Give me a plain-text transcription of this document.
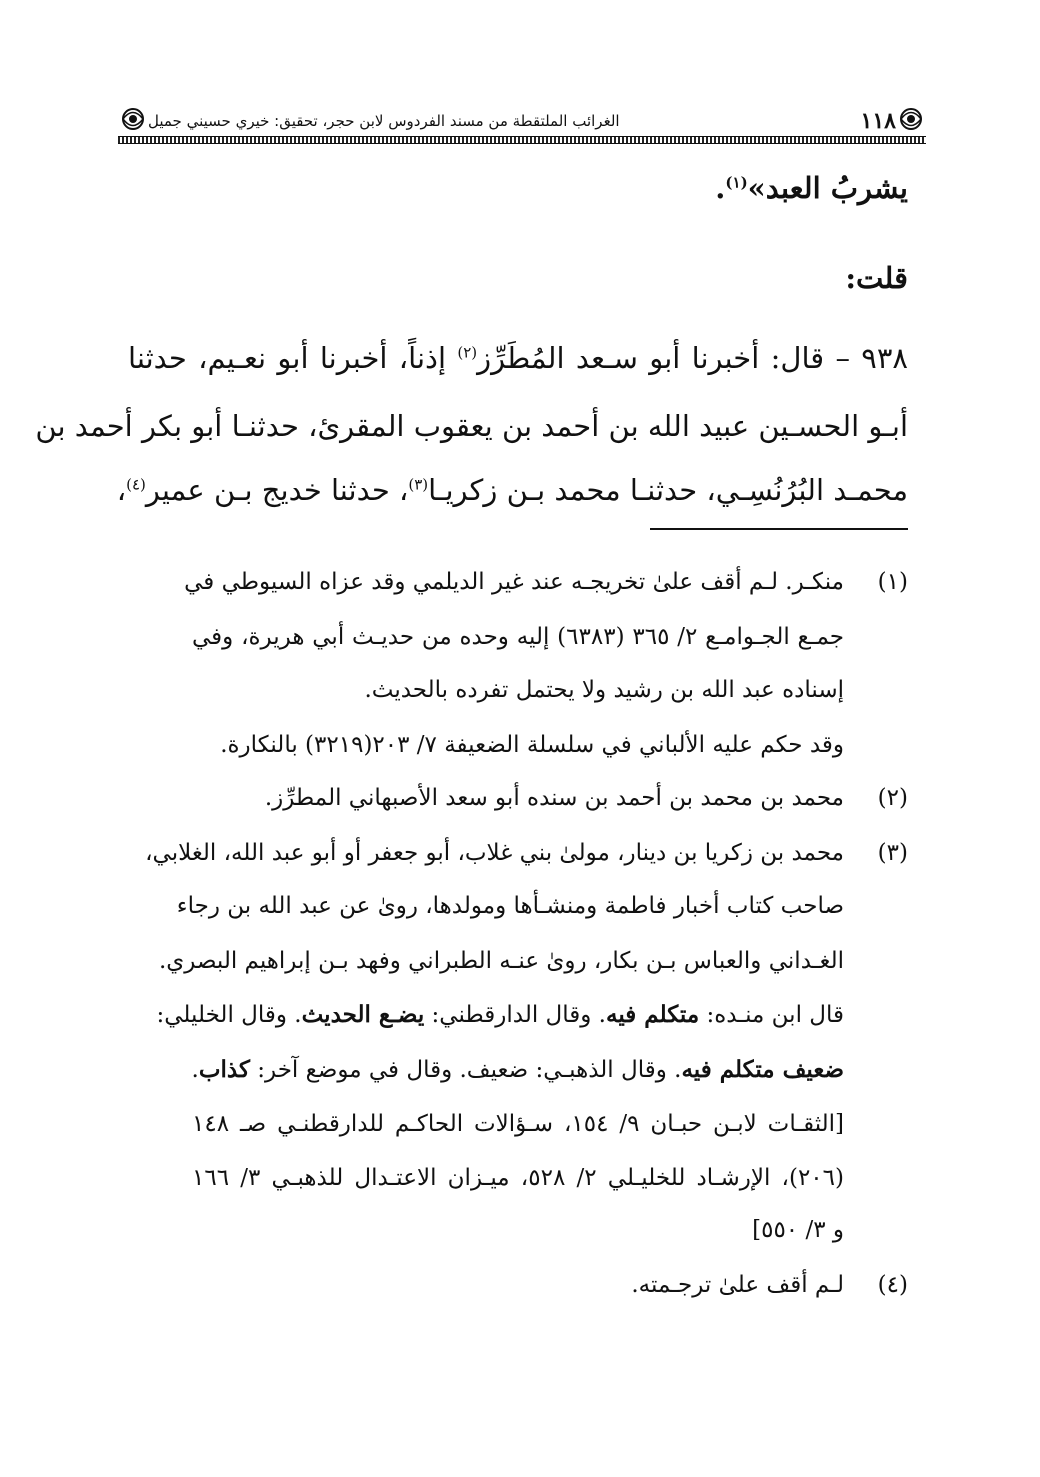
١١٨
الغرائب الملتقطة من مسند الفردوس لابن حجر، تحقيق: خيري حسيني جميل
يشربُ العبد»$^{(١)}$.
قلت:
٩٣٨ – قال: أخبرنا أبو سـعد المُطَرِّز$^{(٢)}$ إذناً، أخبرنا أبو نعـيم، حدثنا
أبـو الحسـين عبيد الله بن أحمد بن يعقوب المقرئ، حدثنـا أبو بكر أحمد بن
محمـد البُرُنُسِـي، حدثنـا محمد بـن زكريـا$^{(٣)}$، حدثنا خديج بـن عمير$^{(٤)}$،
(١)
منكـر. لـم أقف علىٰ تخريجـه عند غير الديلمي وقد عزاه السيوطي في
جمـع الجـوامـع ٢/ ٣٦٥ (٦٣٨٣) إليه وحده من حديـث أبي هريرة، وفي
إسناده عبد الله بن رشيد ولا يحتمل تفرده بالحديث.
وقد حكم عليه الألباني في سلسلة الضعيفة ٧/ ٢٠٣(٣٢١٩) بالنكارة.
(٢)
محمد بن محمد بن أحمد بن سنده أبو سعد الأصبهاني المطرِّز.
(٣)
محمد بن زكريا بن دينار، مولىٰ بني غلاب، أبو جعفر أو أبو عبد الله، الغلابي،
صاحب كتاب أخبار فاطمة ومنشـأها ومولدها، روىٰ عن عبد الله بن رجاء
الغـداني والعباس بـن بكار، روىٰ عنـه الطبراني وفهد بـن إبراهيم البصري.
قال ابن منـده: متكلم فيه. وقال الدارقطني: يضـع الحديث. وقال الخليلي:
ضعيف متكلم فيه. وقال الذهبـي: ضعيف. وقال في موضع آخر: كذاب.
[الثقـات لابـن حبـان ٩/ ١٥٤، سـؤالات الحاكـم للدارقطنـي صـ ١٤٨
(٢٠٦)، الإرشـاد للخليـلي ٢/ ٥٢٨، ميـزان الاعتـدال للذهبـي ٣/ ١٦٦
و ٣/ ٥٥٠]
(٤)
لـم أقف علىٰ ترجـمته.
